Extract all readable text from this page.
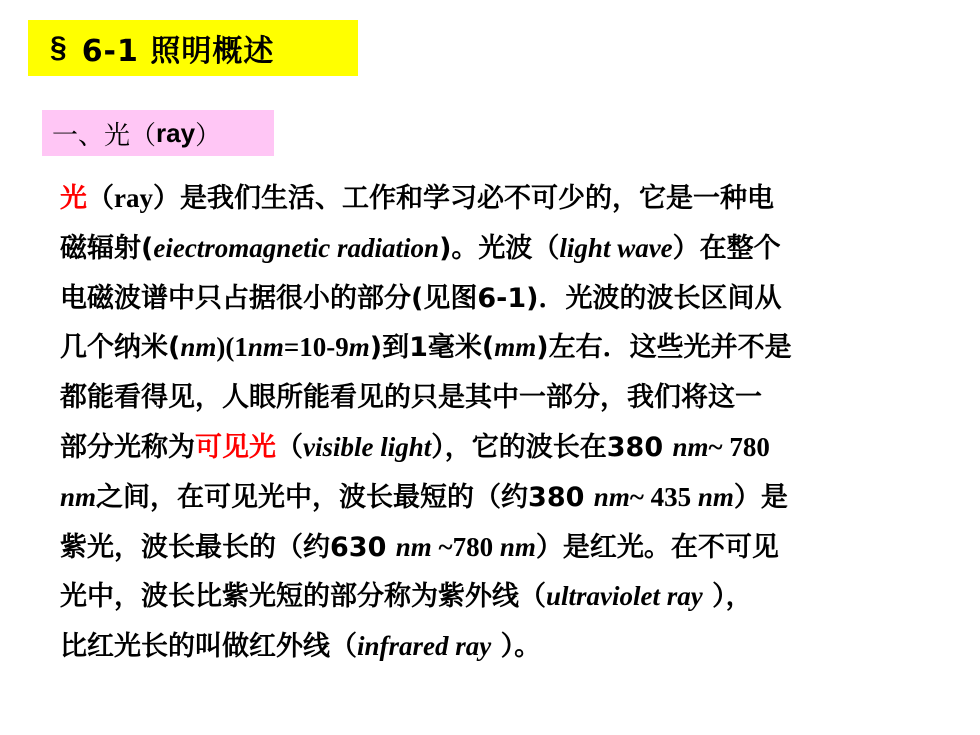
§ 6-1 照明概述
一、光（ ray ）
光（ray）是我们生活、工作和学习必不可少的，它是一种电
磁辐射(eiectromagnetic radiation)。光波（light wave）在整个
电磁波谱中只占据很小的部分(见图6-1)．光波的波长区间从
几个纳米(nm)(1nm=10-9m)到1毫米(mm)左右．这些光并不是
都能看得见，人眼所能看见的只是其中一部分，我们将这一
部分光称为可见光（visible light），它的波长在380 nm~ 780
nm之间，在可见光中，波长最短的（约380 nm~ 435 nm）是
紫光，波长最长的（约630 nm ~780 nm）是红光。在不可见
光中，波长比紫光短的部分称为紫外线（ultraviolet ray ），
比红光长的叫做红外线（infrared ray ）。
